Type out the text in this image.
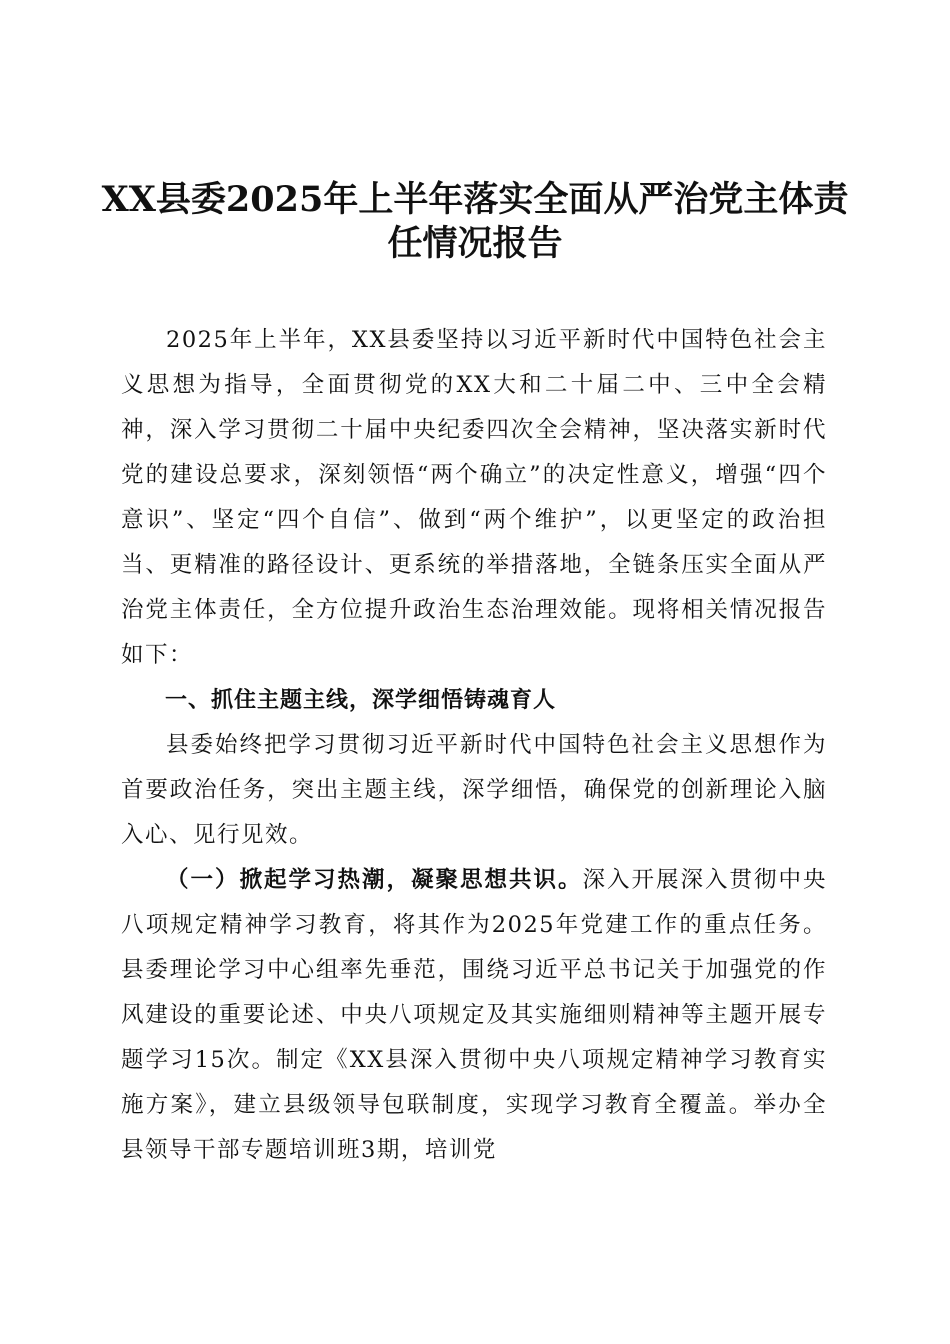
XX县委2025年上半年落实全面从严治党主体责任情况报告

2025年上半年，XX县委坚持以习近平新时代中国特色社会主义思想为指导，全面贯彻党的XX大和二十届二中、三中全会精神，深入学习贯彻二十届中央纪委四次全会精神，坚决落实新时代党的建设总要求，深刻领悟“两个确立”的决定性意义，增强“四个意识”、坚定“四个自信”、做到“两个维护”，以更坚定的政治担当、更精准的路径设计、更系统的举措落地，全链条压实全面从严治党主体责任，全方位提升政治生态治理效能。现将相关情况报告如下：

一、抓住主题主线，深学细悟铸魂育人

县委始终把学习贯彻习近平新时代中国特色社会主义思想作为首要政治任务，突出主题主线，深学细悟，确保党的创新理论入脑入心、见行见效。

（一）掀起学习热潮，凝聚思想共识。深入开展深入贯彻中央八项规定精神学习教育，将其作为2025年党建工作的重点任务。县委理论学习中心组率先垂范，围绕习近平总书记关于加强党的作风建设的重要论述、中央八项规定及其实施细则精神等主题开展专题学习15次。制定《XX县深入贯彻中央八项规定精神学习教育实施方案》，建立县级领导包联制度，实现学习教育全覆盖。举办全县领导干部专题培训班3期，培训党
